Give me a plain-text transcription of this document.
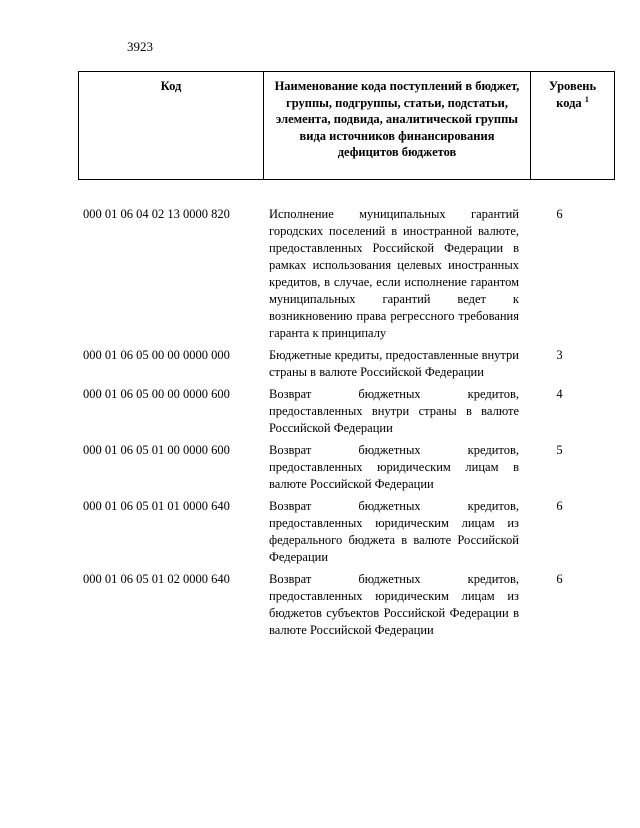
3923
Код	Наименование кода поступлений в бюджет, группы, подгруппы, статьи, подстатьи, элемента, подвида, аналитической группы вида источников финансирования дефицитов бюджетов	Уровень кода $^1$
000 01 06 04 02 13 0000 820	Исполнение муниципальных гарантий городских поселений в иностранной валюте, предоставленных Российской Федерации в рамках использования целевых иностранных кредитов, в случае, если исполнение гарантом муниципальных гарантий ведет к возникновению права регрессного требования гаранта к принципалу	6
000 01 06 05 00 00 0000 000	Бюджетные кредиты, предоставленные внутри страны в валюте Российской Федерации	3
000 01 06 05 00 00 0000 600	Возврат бюджетных кредитов, предоставленных внутри страны в валюте Российской Федерации	4
000 01 06 05 01 00 0000 600	Возврат бюджетных кредитов, предоставленных юридическим лицам в валюте Российской Федерации	5
000 01 06 05 01 01 0000 640	Возврат бюджетных кредитов, предоставленных юридическим лицам из федерального бюджета в валюте Российской Федерации	6
000 01 06 05 01 02 0000 640	Возврат бюджетных кредитов, предоставленных юридическим лицам из бюджетов субъектов Российской Федерации в валюте Российской Федерации	6
